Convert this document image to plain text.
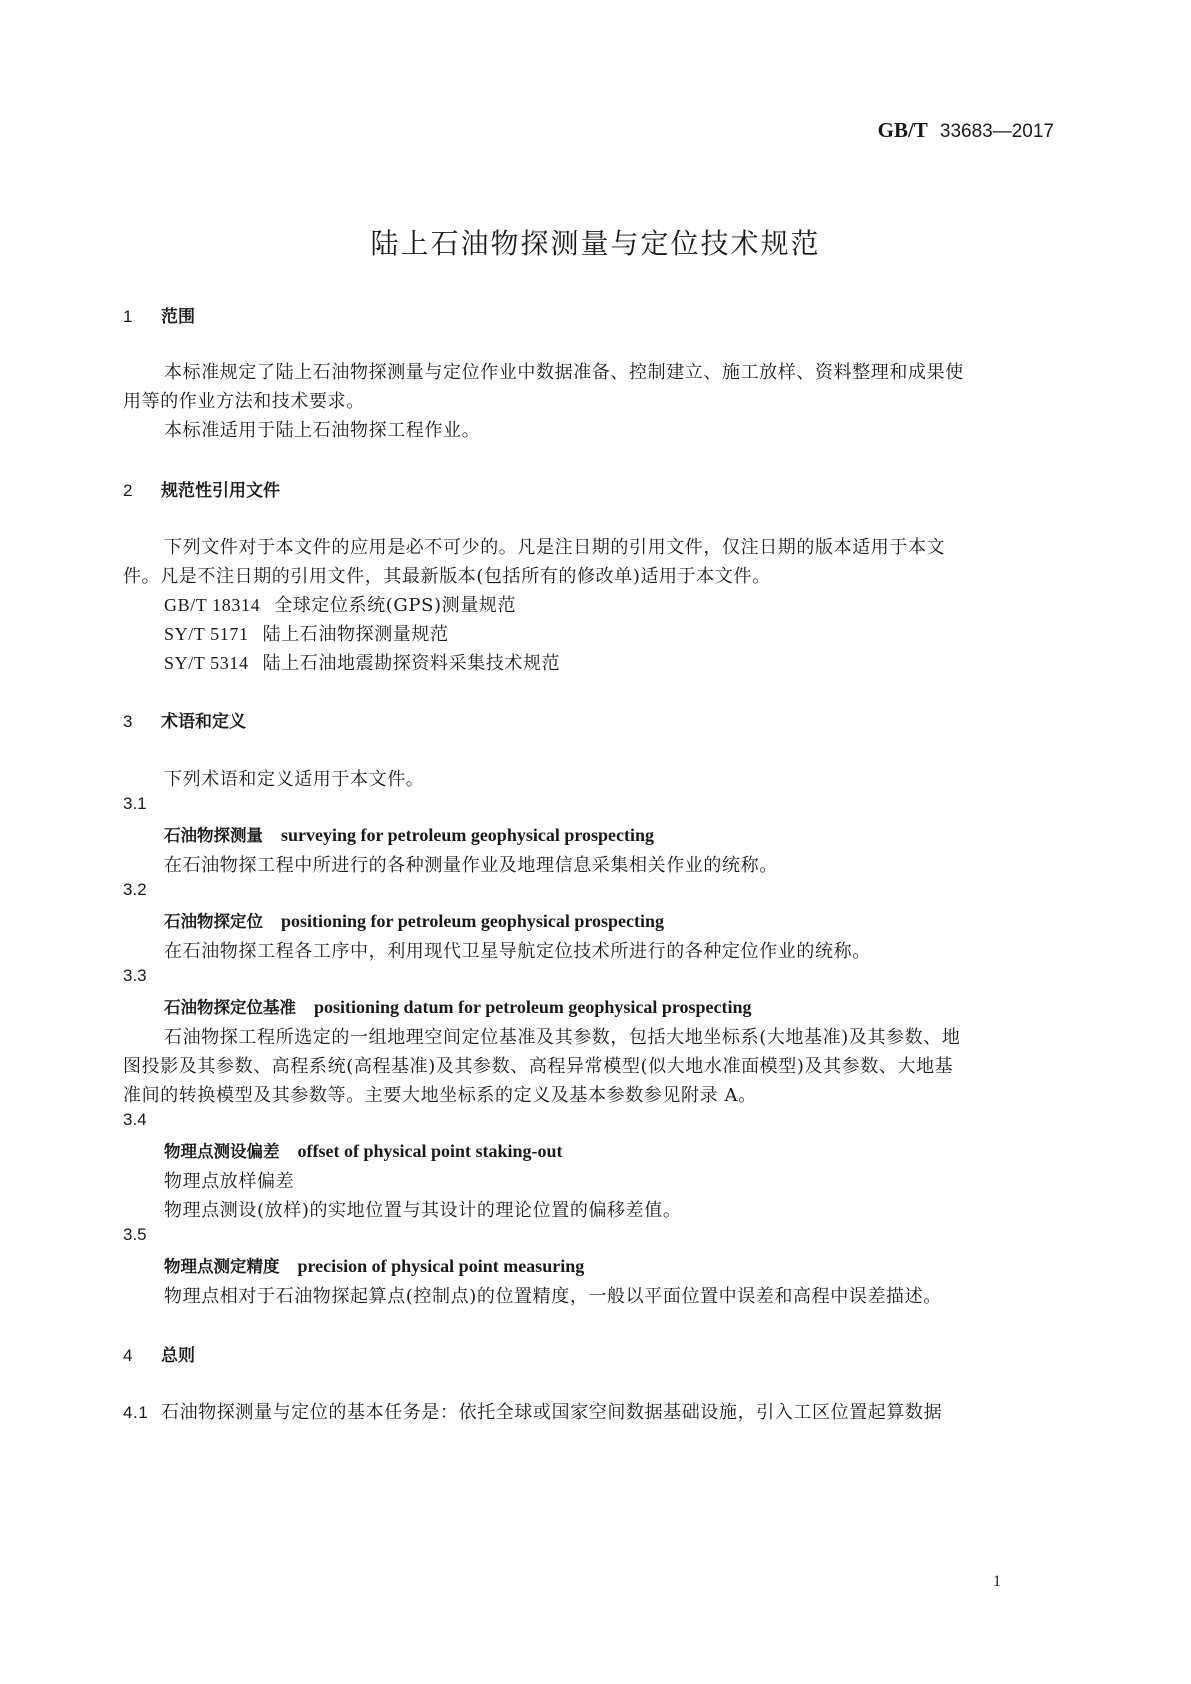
GB/T 33683—2017
陆上石油物探测量与定位技术规范
1 范围
本标准规定了陆上石油物探测量与定位作业中数据准备、控制建立、施工放样、资料整理和成果使
用等的作业方法和技术要求。
本标准适用于陆上石油物探工程作业。
2 规范性引用文件
下列文件对于本文件的应用是必不可少的。凡是注日期的引用文件，仅注日期的版本适用于本文
件。凡是不注日期的引用文件，其最新版本(包括所有的修改单)适用于本文件。
GB/T 18314 全球定位系统(GPS)测量规范
SY/T 5171 陆上石油物探测量规范
SY/T 5314 陆上石油地震勘探资料采集技术规范
3 术语和定义
下列术语和定义适用于本文件。
3.1
石油物探测量 surveying for petroleum geophysical prospecting
在石油物探工程中所进行的各种测量作业及地理信息采集相关作业的统称。
3.2
石油物探定位 positioning for petroleum geophysical prospecting
在石油物探工程各工序中，利用现代卫星导航定位技术所进行的各种定位作业的统称。
3.3
石油物探定位基准 positioning datum for petroleum geophysical prospecting
石油物探工程所选定的一组地理空间定位基准及其参数，包括大地坐标系(大地基准)及其参数、地
图投影及其参数、高程系统(高程基准)及其参数、高程异常模型(似大地水准面模型)及其参数、大地基
准间的转换模型及其参数等。主要大地坐标系的定义及基本参数参见附录 A。
3.4
物理点测设偏差 offset of physical point staking-out
物理点放样偏差
物理点测设(放样)的实地位置与其设计的理论位置的偏移差值。
3.5
物理点测定精度 precision of physical point measuring
物理点相对于石油物探起算点(控制点)的位置精度，一般以平面位置中误差和高程中误差描述。
4 总则
4.1 石油物探测量与定位的基本任务是：依托全球或国家空间数据基础设施，引入工区位置起算数据
1
